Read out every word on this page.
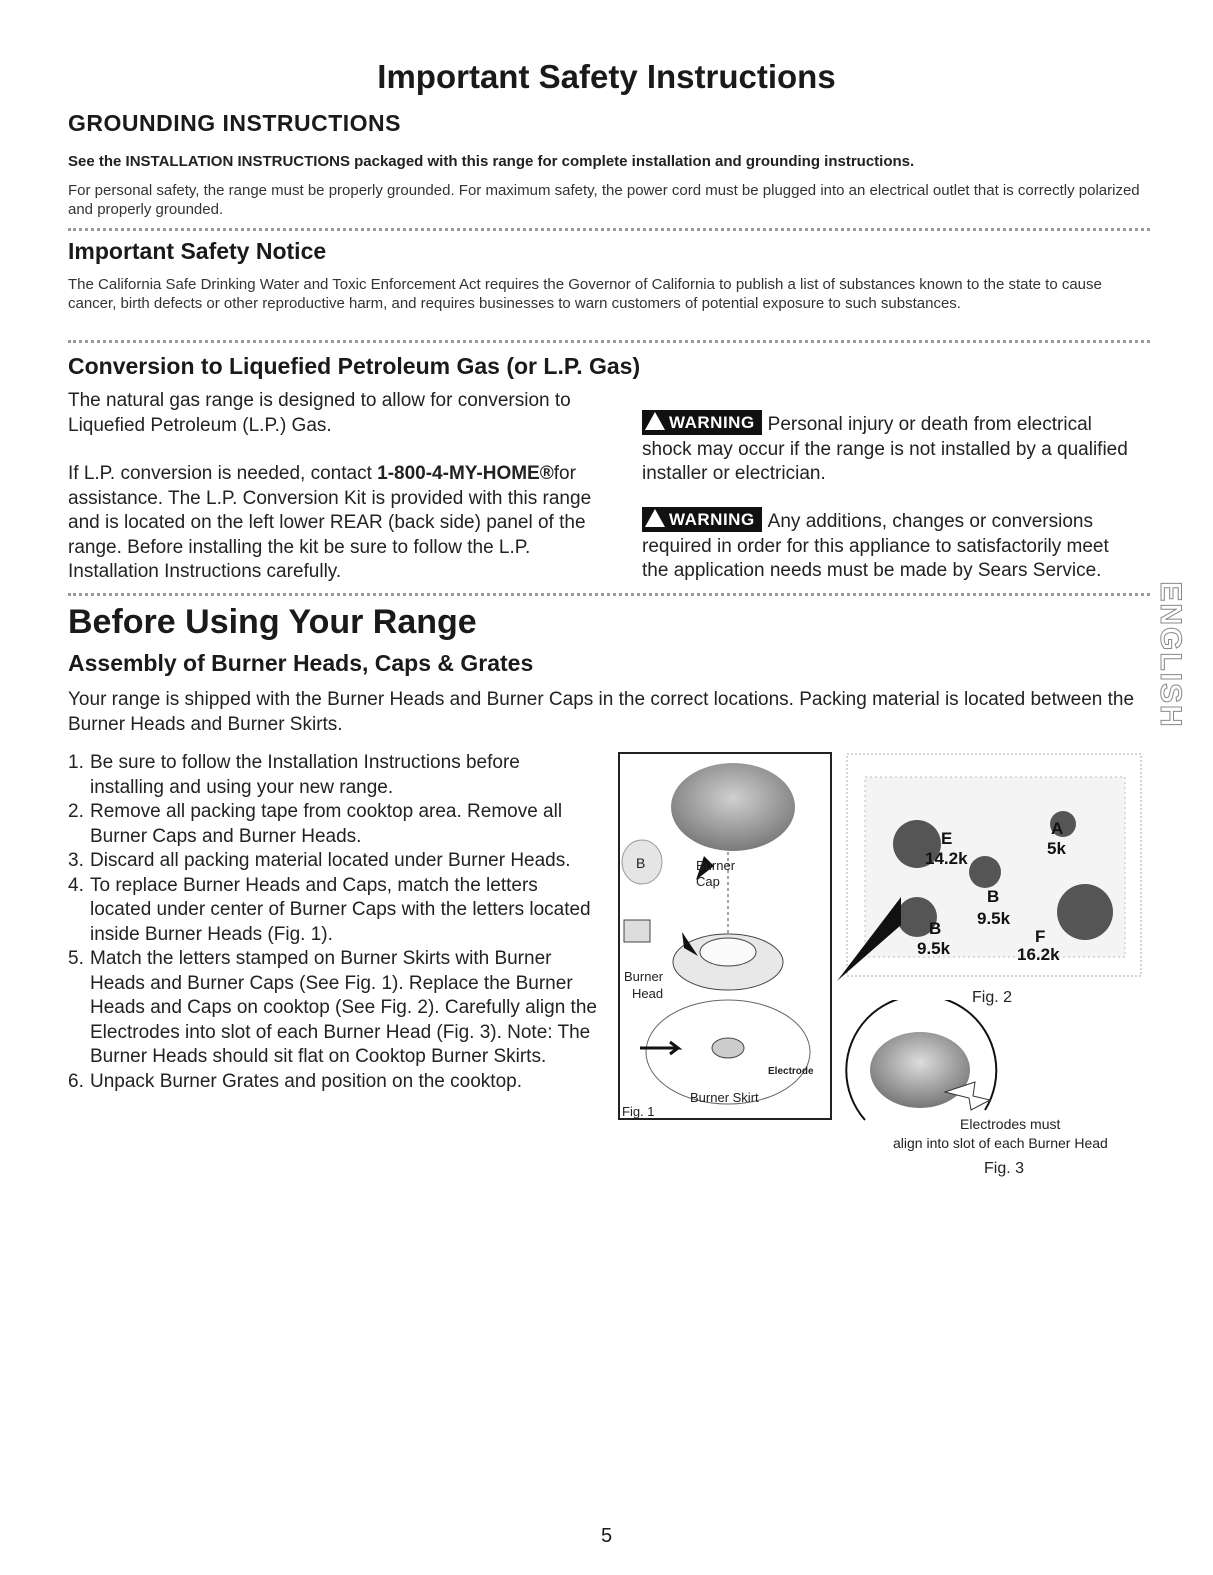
Important Safety Instructions
GROUNDING INSTRUCTIONS
See the INSTALLATION INSTRUCTIONS packaged with this range for complete installation and grounding instructions.
For personal safety, the range must be properly grounded. For maximum safety, the power cord must be plugged into an electrical outlet that is correctly polarized and properly grounded.
Important Safety Notice
The California Safe Drinking Water and Toxic Enforcement Act requires the Governor of California to publish a list of substances known to the state to cause cancer, birth defects or other reproductive harm, and requires businesses to warn customers of potential exposure to such substances.
Conversion to Liquefied Petroleum Gas (or L.P. Gas)
The natural gas range is designed to allow for conversion to Liquefied Petroleum (L.P.) Gas.
If L.P. conversion is needed, contact 1-800-4-MY-HOME®for assistance. The L.P. Conversion Kit is provided with this range and is located on the left lower REAR (back side) panel of the range. Before installing the kit be sure to follow the L.P. Installation Instructions carefully.
WARNING Personal injury or death from electrical shock may occur if the range is not installed by a qualified installer or electrician.
WARNING Any additions, changes or conversions required in order for this appliance to satisfactorily meet the application needs must be made by Sears Service.
Before Using Your Range
Assembly of Burner Heads, Caps & Grates
Your range is shipped with the Burner Heads and Burner Caps in the correct locations. Packing material is located between the Burner Heads and Burner Skirts.
1. Be sure to follow the Installation Instructions before installing and using your new range.
2. Remove all packing tape from cooktop area. Remove all Burner Caps and Burner Heads.
3. Discard all packing material located under Burner Heads.
4. To replace Burner Heads and Caps, match the letters located under center of Burner Caps with the letters located inside Burner Heads (Fig. 1).
5. Match the letters stamped on Burner Skirts with Burner Heads and Burner Caps (See Fig. 1). Replace the Burner Heads and Caps on cooktop (See Fig. 2). Carefully align the Electrodes into slot of each Burner Head (Fig. 3). Note: The Burner Heads should sit flat on Cooktop Burner Skirts.
6. Unpack Burner Grates and position on the cooktop.
B	Burner
Cap
Burner
Head
Electrode
Burner Skirt
Fig. 1
E
14.2k
A
5k
B
9.5k
B
9.5k
F
16.2k
Fig. 2
Electrodes must
align into slot of each Burner Head
Fig. 3
ENGLISH
5
